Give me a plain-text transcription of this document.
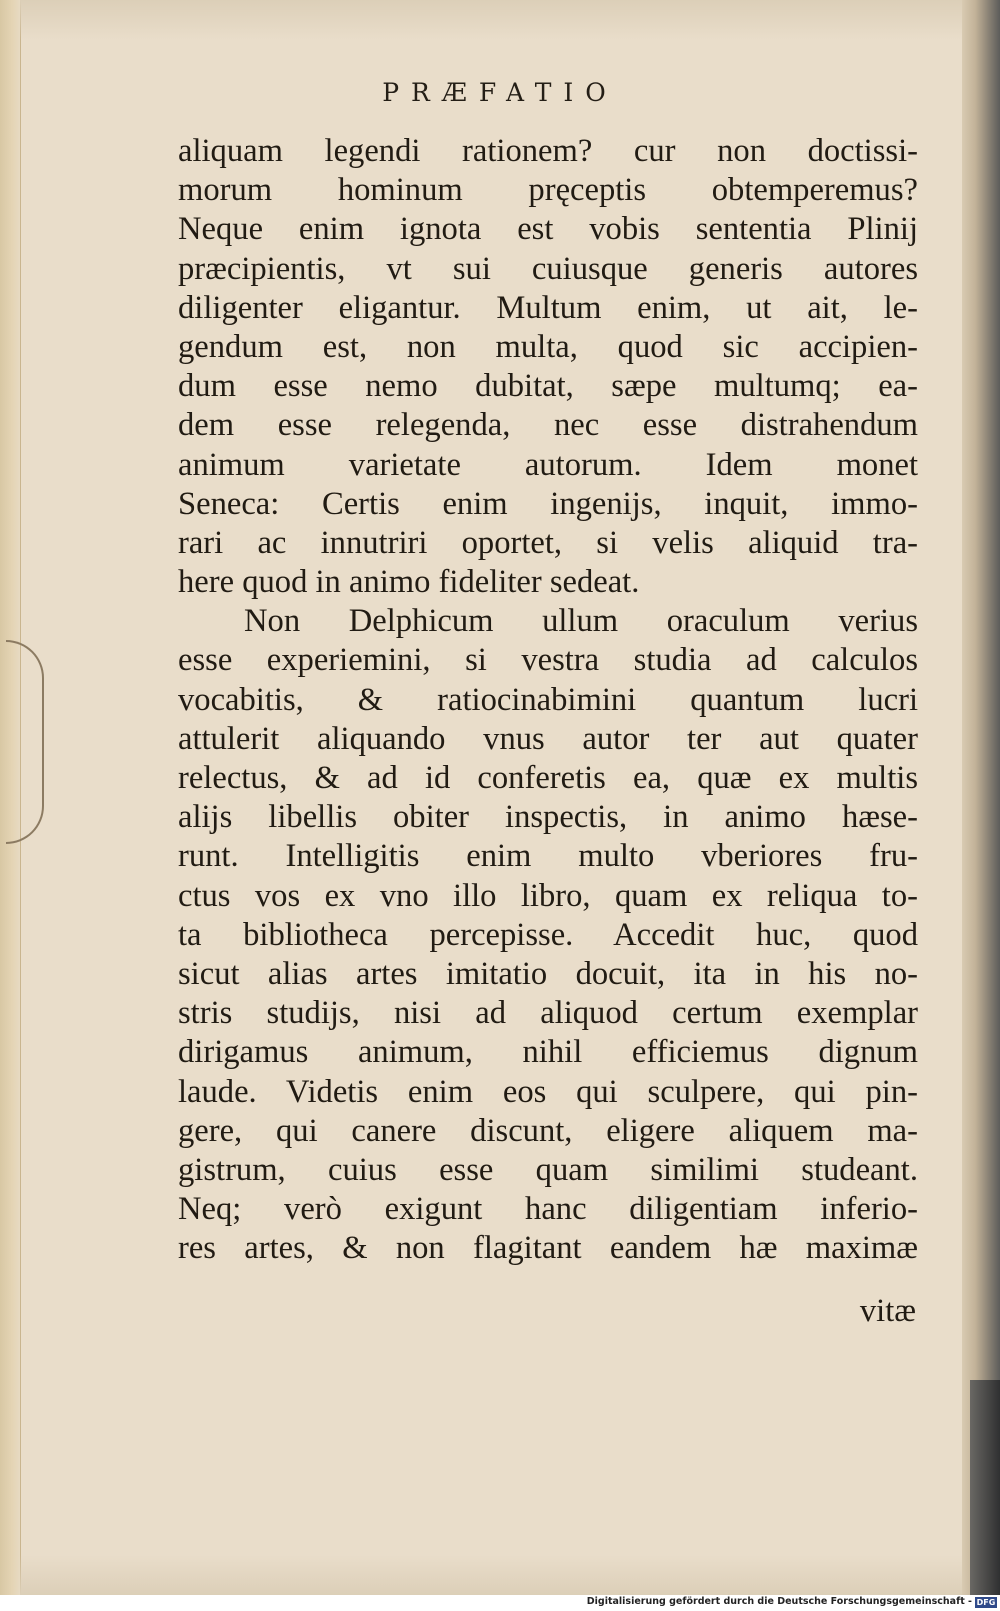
PRÆFATIO
aliquam legendi rationem? cur non doctissi-
morum hominum pręceptis obtemperemus?
Neque enim ignota est vobis sententia Plinij
præcipientis, vt sui cuiusque generis autores
diligenter eligantur. Multum enim, ut ait, le-
gendum est, non multa, quod sic accipien-
dum esse nemo dubitat, sæpe multumq; ea-
dem esse relegenda, nec esse distrahendum
animum varietate autorum. Idem monet
Seneca: Certis enim ingenijs, inquit, immo-
rari ac innutriri oportet, si velis aliquid tra-
here quod in animo fideliter sedeat.
Non Delphicum ullum oraculum verius
esse experiemini, si vestra studia ad calculos
vocabitis, & ratiocinabimini quantum lucri
attulerit aliquando vnus autor ter aut quater
relectus, & ad id conferetis ea, quæ ex multis
alijs libellis obiter inspectis, in animo hæse-
runt. Intelligitis enim multo vberiores fru-
ctus vos ex vno illo libro, quam ex reliqua to-
ta bibliotheca percepisse. Accedit huc, quod
sicut alias artes imitatio docuit, ita in his no-
stris studijs, nisi ad aliquod certum exemplar
dirigamus animum, nihil efficiemus dignum
laude. Videtis enim eos qui sculpere, qui pin-
gere, qui canere discunt, eligere aliquem ma-
gistrum, cuius esse quam similimi studeant.
Neq; verò exigunt hanc diligentiam inferio-
res artes, & non flagitant eandem hæ maximæ
vitæ
Digitalisierung gefördert durch die Deutsche Forschungsgemeinschaft - DFG
